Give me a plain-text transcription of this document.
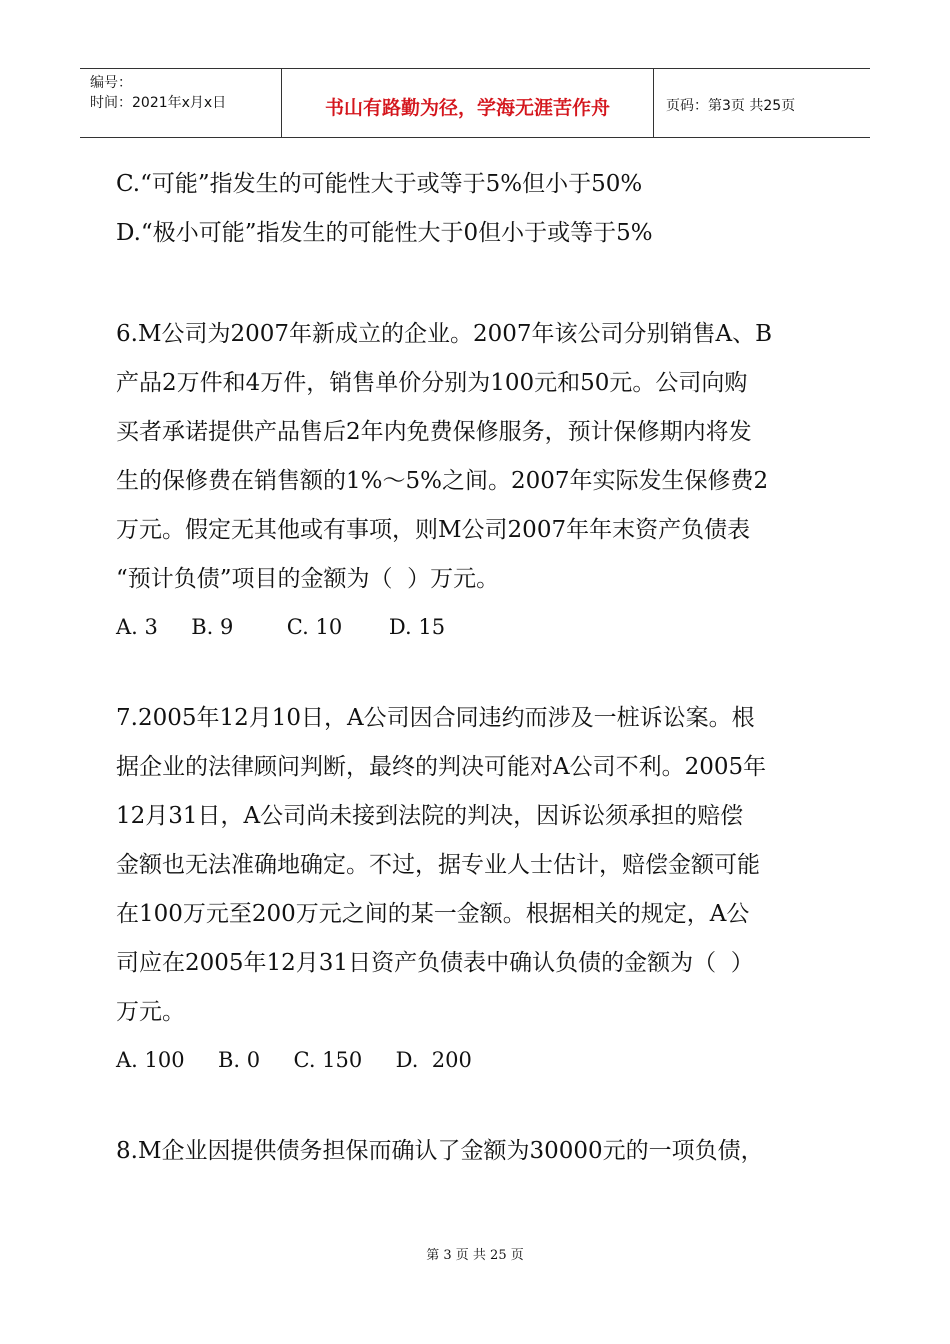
编号：
时间：2021年x月x日	书山有路勤为径，学海无涯苦作舟	页码：第3页 共25页
C.“可能”指发生的可能性大于或等于5%但小于50%
D.“极小可能”指发生的可能性大于0但小于或等于5%
6.M公司为2007年新成立的企业。2007年该公司分别销售A、B
产品2万件和4万件，销售单价分别为100元和50元。公司向购
买者承诺提供产品售后2年内免费保修服务，预计保修期内将发
生的保修费在销售额的1%～5%之间。2007年实际发生保修费2
万元。假定无其他或有事项，则M公司2007年年末资产负债表
“预计负债”项目的金额为（  ）万元。
A. 3     B. 9        C. 10       D. 15
7.2005年12月10日，A公司因合同违约而涉及一桩诉讼案。根
据企业的法律顾问判断，最终的判决可能对A公司不利。2005年
12月31日，A公司尚未接到法院的判决，因诉讼须承担的赔偿
金额也无法准确地确定。不过，据专业人士估计，赔偿金额可能
在100万元至200万元之间的某一金额。根据相关的规定，A公
司应在2005年12月31日资产负债表中确认负债的金额为（  ）
万元。
A. 100     B. 0     C. 150     D.  200
8.M企业因提供债务担保而确认了金额为30000元的一项负债，
第 3 页 共 25 页
